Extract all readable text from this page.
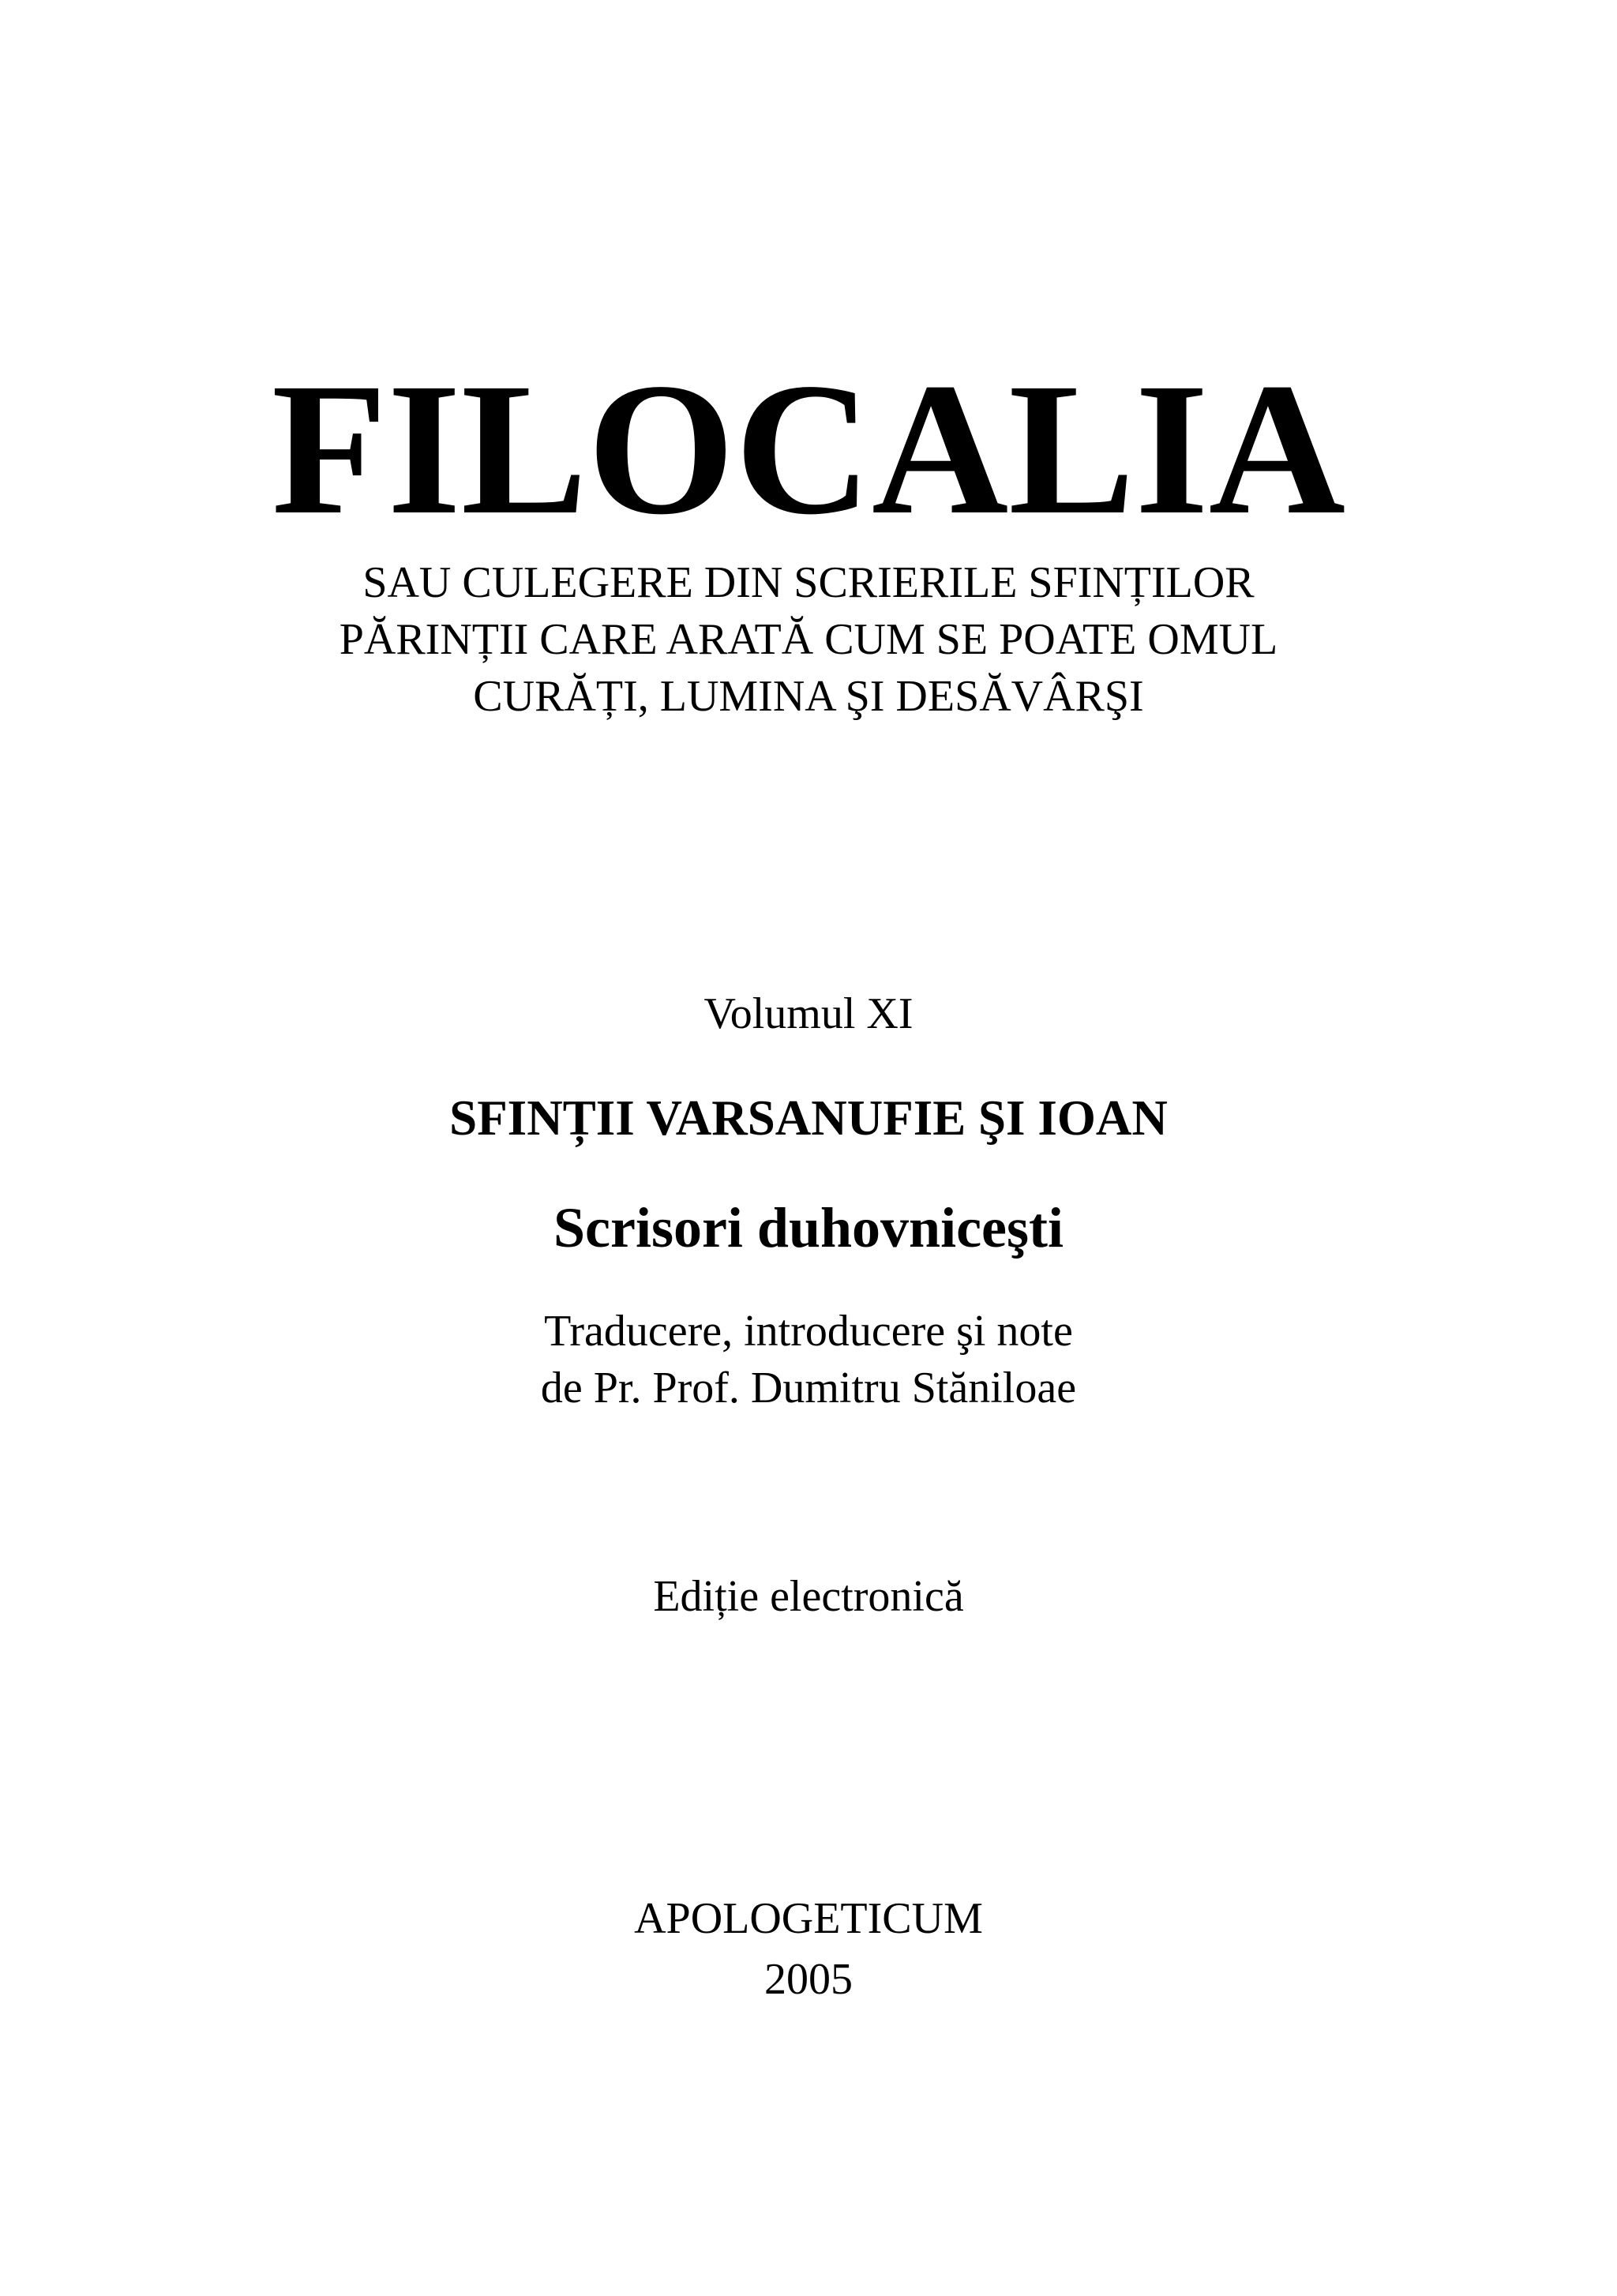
FILOCALIA

SAU CULEGERE DIN SCRIERILE SFINȚILOR

PĂRINȚII CARE ARATĂ CUM SE POATE OMUL

CURĂȚI, LUMINA ŞI DESĂVÂRŞI

Volumul XI

SFINȚII VARSANUFIE ŞI IOAN

Scrisori duhovniceşti

Traducere, introducere şi note

de Pr. Prof. Dumitru Stăniloae

Ediție electronică

APOLOGETICUM

2005
